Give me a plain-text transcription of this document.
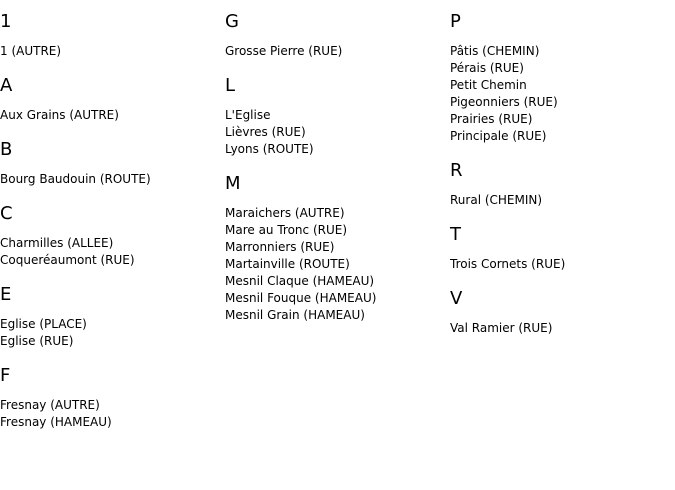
1
1 (AUTRE)
A
Aux Grains (AUTRE)
B
Bourg Baudouin (ROUTE)
C
Charmilles (ALLEE)
Coqueréaumont (RUE)
E
Eglise (PLACE)
Eglise (RUE)
F
Fresnay (AUTRE)
Fresnay (HAMEAU)
G
Grosse Pierre (RUE)
L
L'Eglise
Lièvres (RUE)
Lyons (ROUTE)
M
Maraichers (AUTRE)
Mare au Tronc (RUE)
Marronniers (RUE)
Martainville (ROUTE)
Mesnil Claque (HAMEAU)
Mesnil Fouque (HAMEAU)
Mesnil Grain (HAMEAU)
P
Pâtis (CHEMIN)
Pérais (RUE)
Petit Chemin
Pigeonniers (RUE)
Prairies (RUE)
Principale (RUE)
R
Rural (CHEMIN)
T
Trois Cornets (RUE)
V
Val Ramier (RUE)
